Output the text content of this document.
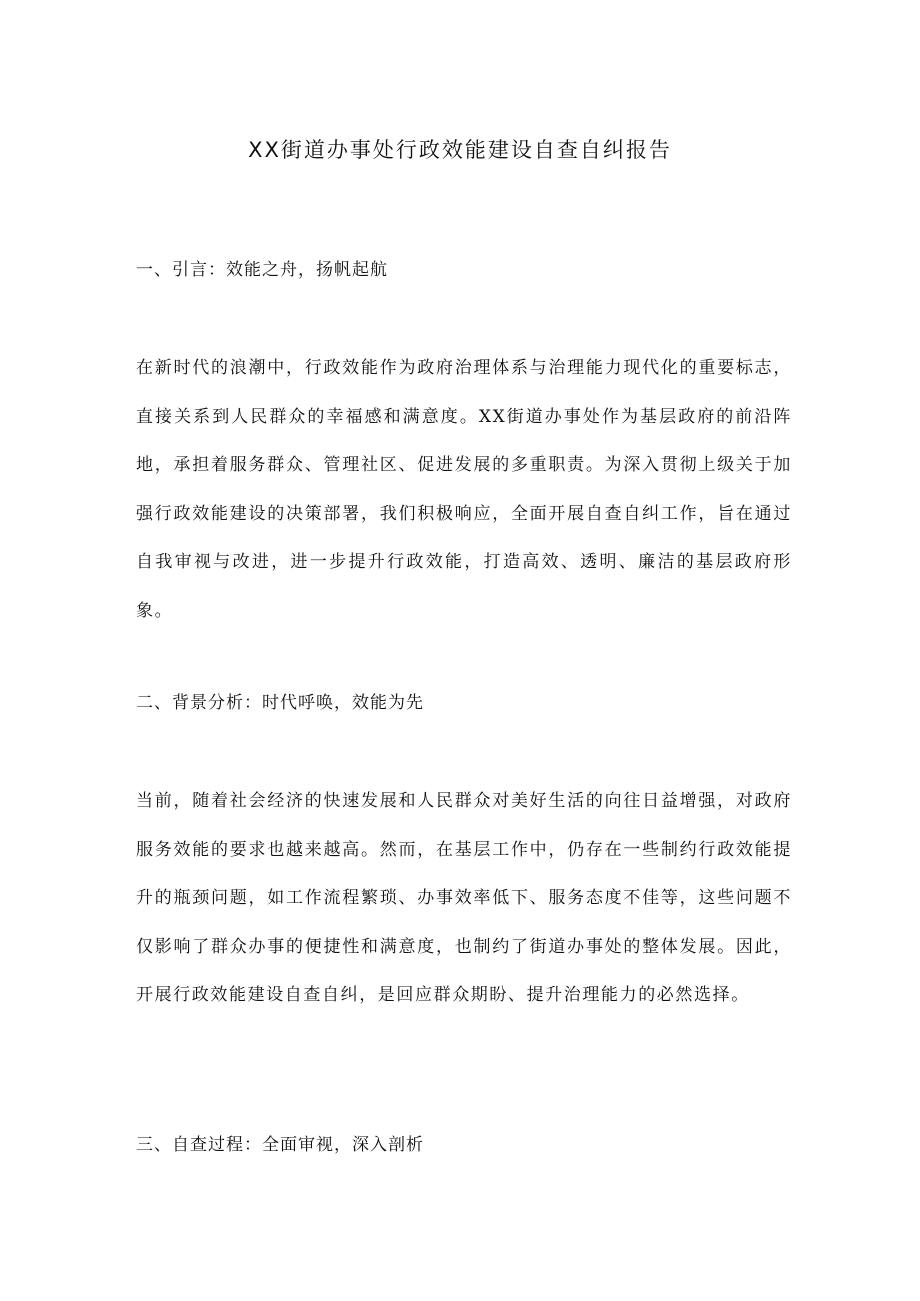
XX街道办事处行政效能建设自查自纠报告
一、引言：效能之舟，扬帆起航

在新时代的浪潮中，行政效能作为政府治理体系与治理能力现代化的重要标志，直接关系到人民群众的幸福感和满意度。XX街道办事处作为基层政府的前沿阵地，承担着服务群众、管理社区、促进发展的多重职责。为深入贯彻上级关于加强行政效能建设的决策部署，我们积极响应，全面开展自查自纠工作，旨在通过自我审视与改进，进一步提升行政效能，打造高效、透明、廉洁的基层政府形象。

二、背景分析：时代呼唤，效能为先

当前，随着社会经济的快速发展和人民群众对美好生活的向往日益增强，对政府服务效能的要求也越来越高。然而，在基层工作中，仍存在一些制约行政效能提升的瓶颈问题，如工作流程繁琐、办事效率低下、服务态度不佳等，这些问题不仅影响了群众办事的便捷性和满意度，也制约了街道办事处的整体发展。因此，开展行政效能建设自查自纠，是回应群众期盼、提升治理能力的必然选择。

三、自查过程：全面审视，深入剖析
